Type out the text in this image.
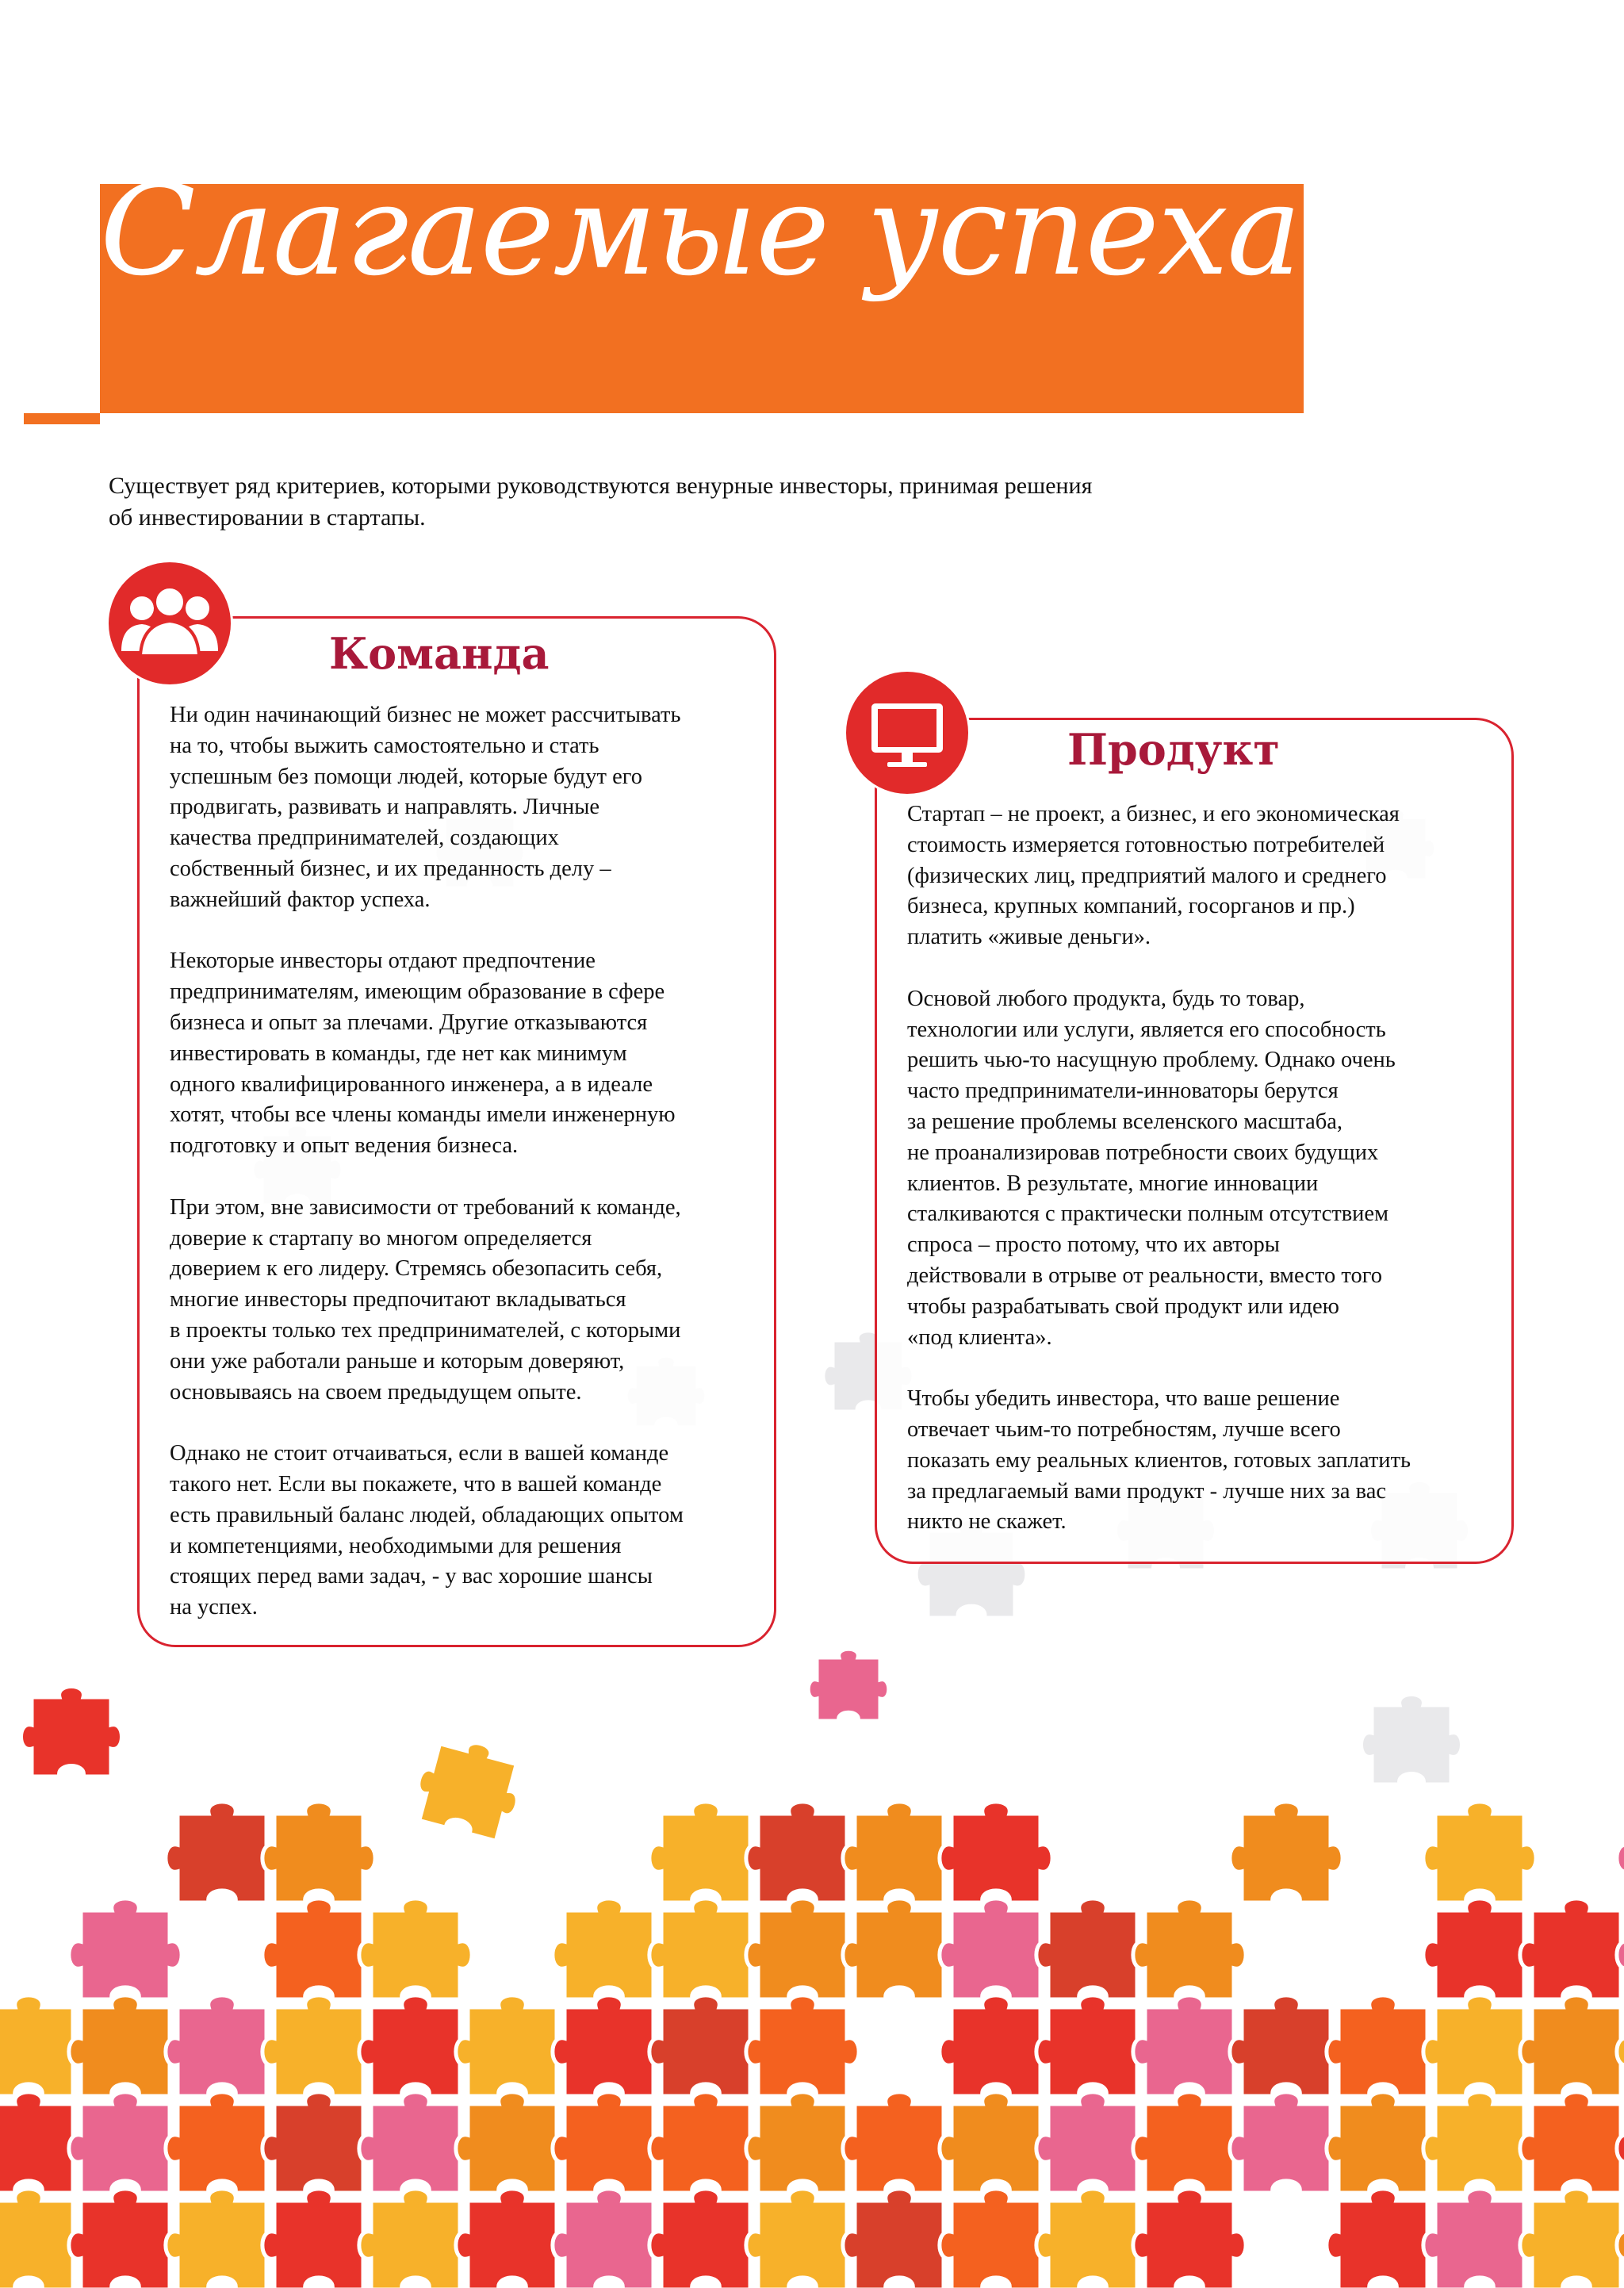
Слагаемые успеха
Существует ряд критериев, которыми руководствуются венурные инвесторы, принимая решения
об инвестировании в стартапы.
Команда

Ни один начинающий бизнес не может рассчитывать
на то, чтобы выжить самостоятельно и стать
успешным без помощи людей, которые будут его
продвигать, развивать и направлять. Личные
качества предпринимателей, создающих
собственный бизнес, и их преданность делу –
важнейший фактор успеха.

Некоторые инвесторы отдают предпочтение
предпринимателям, имеющим образование в сфере
бизнеса и опыт за плечами. Другие отказываются
инвестировать в команды, где нет как минимум
одного квалифицированного инженера, а в идеале
хотят, чтобы все члены команды имели инженерную
подготовку и опыт ведения бизнеса.

При этом, вне зависимости от требований к команде,
доверие к стартапу во многом определяется
доверием к его лидеру. Стремясь обезопасить себя,
многие инвесторы предпочитают вкладываться
в проекты только тех предпринимателей, с которыми
они уже работали раньше и которым доверяют,
основываясь на своем предыдущем опыте.

Однако не стоит отчаиваться, если в вашей команде
такого нет. Если вы покажете, что в вашей команде
есть правильный баланс людей, обладающих опытом
и компетенциями, необходимыми для решения
стоящих перед вами задач, - у вас хорошие шансы
на успех.

Продукт

Стартап – не проект, а бизнес, и его экономическая
стоимость измеряется готовностью потребителей
(физических лиц, предприятий малого и среднего
бизнеса, крупных компаний, госорганов и пр.)
платить «живые деньги».

Основой любого продукта, будь то товар,
технологии или услуги, является его способность
решить чью-то насущную проблему. Однако очень
часто предприниматели-инноваторы берутся
за решение проблемы вселенского масштаба,
не проанализировав потребности своих будущих
клиентов. В результате, многие инновации
сталкиваются с практически полным отсутствием
спроса – просто потому, что их авторы
действовали в отрыве от реальности, вместо того
чтобы разрабатывать свой продукт или идею
«под клиента».

Чтобы убедить инвестора, что ваше решение
отвечает чьим-то потребностям, лучше всего
показать ему реальных клиентов, готовых заплатить
за предлагаемый вами продукт - лучше них за вас
никто не скажет.
